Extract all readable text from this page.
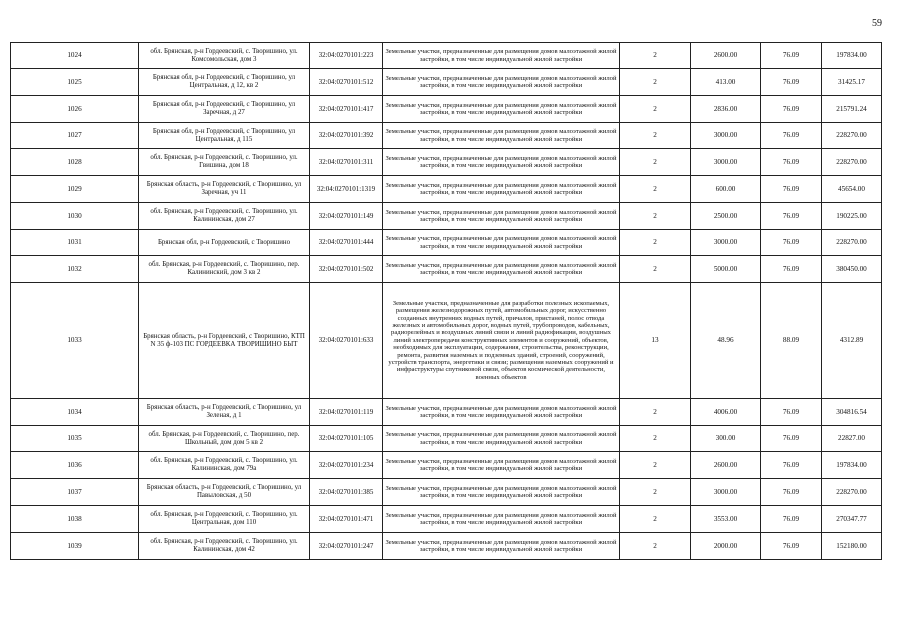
59
1024	обл. Брянская, р-н Гордеевский, с. Творишино, ул. Комсомольская, дом 3	32:04:0270101:223	Земельные участки, предназначенные для размещения домов малоэтажной жилой застройки, в том числе индивидуальной жилой застройки	2	2600.00	76.09	197834.00
1025	Брянская обл, р-н Гордеевский, с Творишино, ул Центральная, д 12, кв 2	32:04:0270101:512	Земельные участки, предназначенные для размещения домов малоэтажной жилой застройки, в том числе индивидуальной жилой застройки	2	413.00	76.09	31425.17
1026	Брянская обл, р-н Гордеевский, с Творишино, ул Заречная, д 27	32:04:0270101:417	Земельные участки, предназначенные для размещения домов малоэтажной жилой застройки, в том числе индивидуальной жилой застройки	2	2836.00	76.09	215791.24
1027	Брянская обл, р-н Гордеевский, с Творишино, ул Центральная, д 115	32:04:0270101:392	Земельные участки, предназначенные для размещения домов малоэтажной жилой застройки, в том числе индивидуальной жилой застройки	2	3000.00	76.09	228270.00
1028	обл. Брянская, р-н Гордеевский, с. Творишино, ул. Гвишина, дом 18	32:04:0270101:311	Земельные участки, предназначенные для размещения домов малоэтажной жилой застройки, в том числе индивидуальной жилой застройки	2	3000.00	76.09	228270.00
1029	Брянская область, р-н Гордеевский, с Творишино, ул Заречная, уч 11	32:04:0270101:1319	Земельные участки, предназначенные для размещения домов малоэтажной жилой застройки, в том числе индивидуальной жилой застройки	2	600.00	76.09	45654.00
1030	обл. Брянская, р-н Гордеевский, с. Творишино, ул. Калининская, дом 27	32:04:0270101:149	Земельные участки, предназначенные для размещения домов малоэтажной жилой застройки, в том числе индивидуальной жилой застройки	2	2500.00	76.09	190225.00
1031	Брянская обл, р-н Гордеевский, с Творишино	32:04:0270101:444	Земельные участки, предназначенные для размещения домов малоэтажной жилой застройки, в том числе индивидуальной жилой застройки	2	3000.00	76.09	228270.00
1032	обл. Брянская, р-н Гордеевский, с. Творишино, пер. Калининский, дом 3 кв 2	32:04:0270101:502	Земельные участки, предназначенные для размещения домов малоэтажной жилой застройки, в том числе индивидуальной жилой застройки	2	5000.00	76.09	380450.00
1033	Брянская область, р-н Гордеевский, с Творишино, КТП N 35 ф-103 ПС ГОРДЕЕВКА ТВОРИШИНО БЫТ	32:04:0270101:633	Земельные участки, предназначенные для разработки полезных ископаемых, размещения железнодорожных путей, автомобильных дорог, искусственно созданных внутренних водных путей, причалов, пристаней, полос отвода железных и автомобильных дорог, водных путей, трубопроводов, кабельных, радиорелейных и воздушных линий связи и линий радиофикации, воздушных линий электропередачи конструктивных элементов и сооружений, объектов, необходимых для эксплуатации, содержания, строительства, реконструкции, ремонта, развития наземных и подземных зданий, строений, сооружений, устройств транспорта, энергетики и связи; размещения наземных сооружений и инфраструктуры спутниковой связи, объектов космической деятельности, военных объектов	13	48.96	88.09	4312.89
1034	Брянская область, р-н Гордеевский, с Творишино, ул Зеленая, д 1	32:04:0270101:119	Земельные участки, предназначенные для размещения домов малоэтажной жилой застройки, в том числе индивидуальной жилой застройки	2	4006.00	76.09	304816.54
1035	обл. Брянская, р-н Гордеевский, с. Творишино, пер. Школьный, дом дом 5 кв 2	32:04:0270101:105	Земельные участки, предназначенные для размещения домов малоэтажной жилой застройки, в том числе индивидуальной жилой застройки	2	300.00	76.09	22827.00
1036	обл. Брянская, р-н Гордеевский, с. Творишино, ул. Калининская, дом 79а	32:04:0270101:234	Земельные участки, предназначенные для размещения домов малоэтажной жилой застройки, в том числе индивидуальной жилой застройки	2	2600.00	76.09	197834.00
1037	Брянская область, р-н Гордеевский, с Творишино, ул Павыловская, д 50	32:04:0270101:385	Земельные участки, предназначенные для размещения домов малоэтажной жилой застройки, в том числе индивидуальной жилой застройки	2	3000.00	76.09	228270.00
1038	обл. Брянская, р-н Гордеевский, с. Творишино, ул. Центральная, дом 110	32:04:0270101:471	Земельные участки, предназначенные для размещения домов малоэтажной жилой застройки, в том числе индивидуальной жилой застройки	2	3553.00	76.09	270347.77
1039	обл. Брянская, р-н Гордеевский, с. Творишино, ул. Калининская, дом 42	32:04:0270101:247	Земельные участки, предназначенные для размещения домов малоэтажной жилой застройки, в том числе индивидуальной жилой застройки	2	2000.00	76.09	152180.00
